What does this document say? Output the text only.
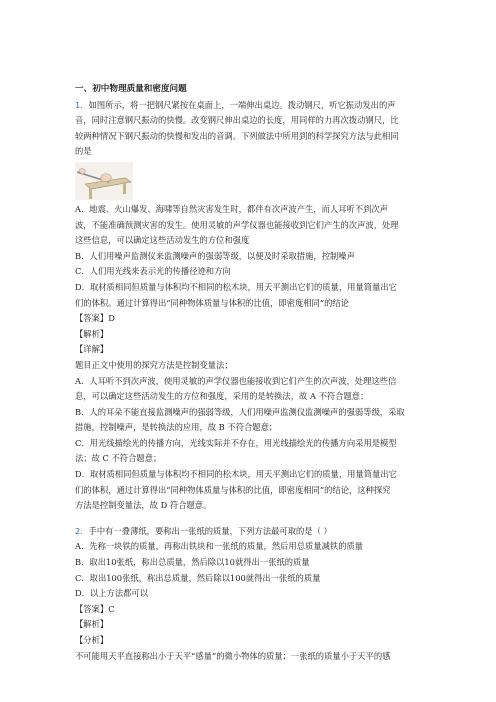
一、初中物理质量和密度问题
1．如图所示，将一把钢尺紧按在桌面上，一端伸出桌边。拨动钢尺，听它振动发出的声
音，同时注意钢尺振动的快慢。改变钢尺伸出桌边的长度，用同样的力再次拨动钢尺，比
较两种情况下钢尺振动的快慢和发出的音调。下列做法中所用到的科学探究方法与此相同
的是
A．地震、火山爆发、海啸等自然灾害发生时，都伴有次声波产生，而人耳听不到次声
波，不能准确预测灾害的发生。使用灵敏的声学仪器也能接收到它们产生的次声波，处理
这些信息，可以确定这些活动发生的方位和强度
B．人们用噪声监测仪来监测噪声的强弱等级，以便及时采取措施，控制噪声
C．人们用光线来表示光的传播径迹和方向
D．取材质相同但质量与体积均不相同的松木块，用天平测出它们的质量，用量筒量出它
们的体积。通过计算得出“同种物体质量与体积的比值，即密度相同”的结论
【答案】D
【解析】
【详解】
题目正文中使用的探究方法是控制变量法；
A．人耳听不到次声波，使用灵敏的声学仪器也能接收到它们产生的次声波，处理这些信
息，可以确定这些活动发生的方位和强度，采用的是转换法，故 A 不符合题意；
B．人的耳朵不能直接监测噪声的强弱等级，人们用噪声监测仪监测噪声的强弱等级，采取
措施，控制噪声，是转换法的应用，故 B 不符合题意；
C．用光线描绘光的传播方向，光线实际并不存在，用光线描绘光的传播方向采用是模型
法；故 C 不符合题意；
D．取材质相同但质量与体积均不相同的松木块，用天平测出它们的质量，用量筒量出它
们的体积，通过计算得出“同种物体质量与体积的比值，即密度相同”的结论，这种探究
方法是控制变量法，故 D 符合题意。
2．手中有一叠薄纸，要称出一张纸的质量，下列方法最可取的是（ ）
A．先称一块铁的质量，再称出铁块和一张纸的质量，然后用总质量减铁的质量
B．取出10张纸，称出总质量，然后除以10就得出一张纸的质量
C．取出100张纸，称出总质量，然后除以100就得出一张纸的质量
D．以上方法都可以
【答案】C
【解析】
【分析】
不可能用天平直接称出小于天平“感量”的微小物体的质量；一张纸的质量小于天平的感
